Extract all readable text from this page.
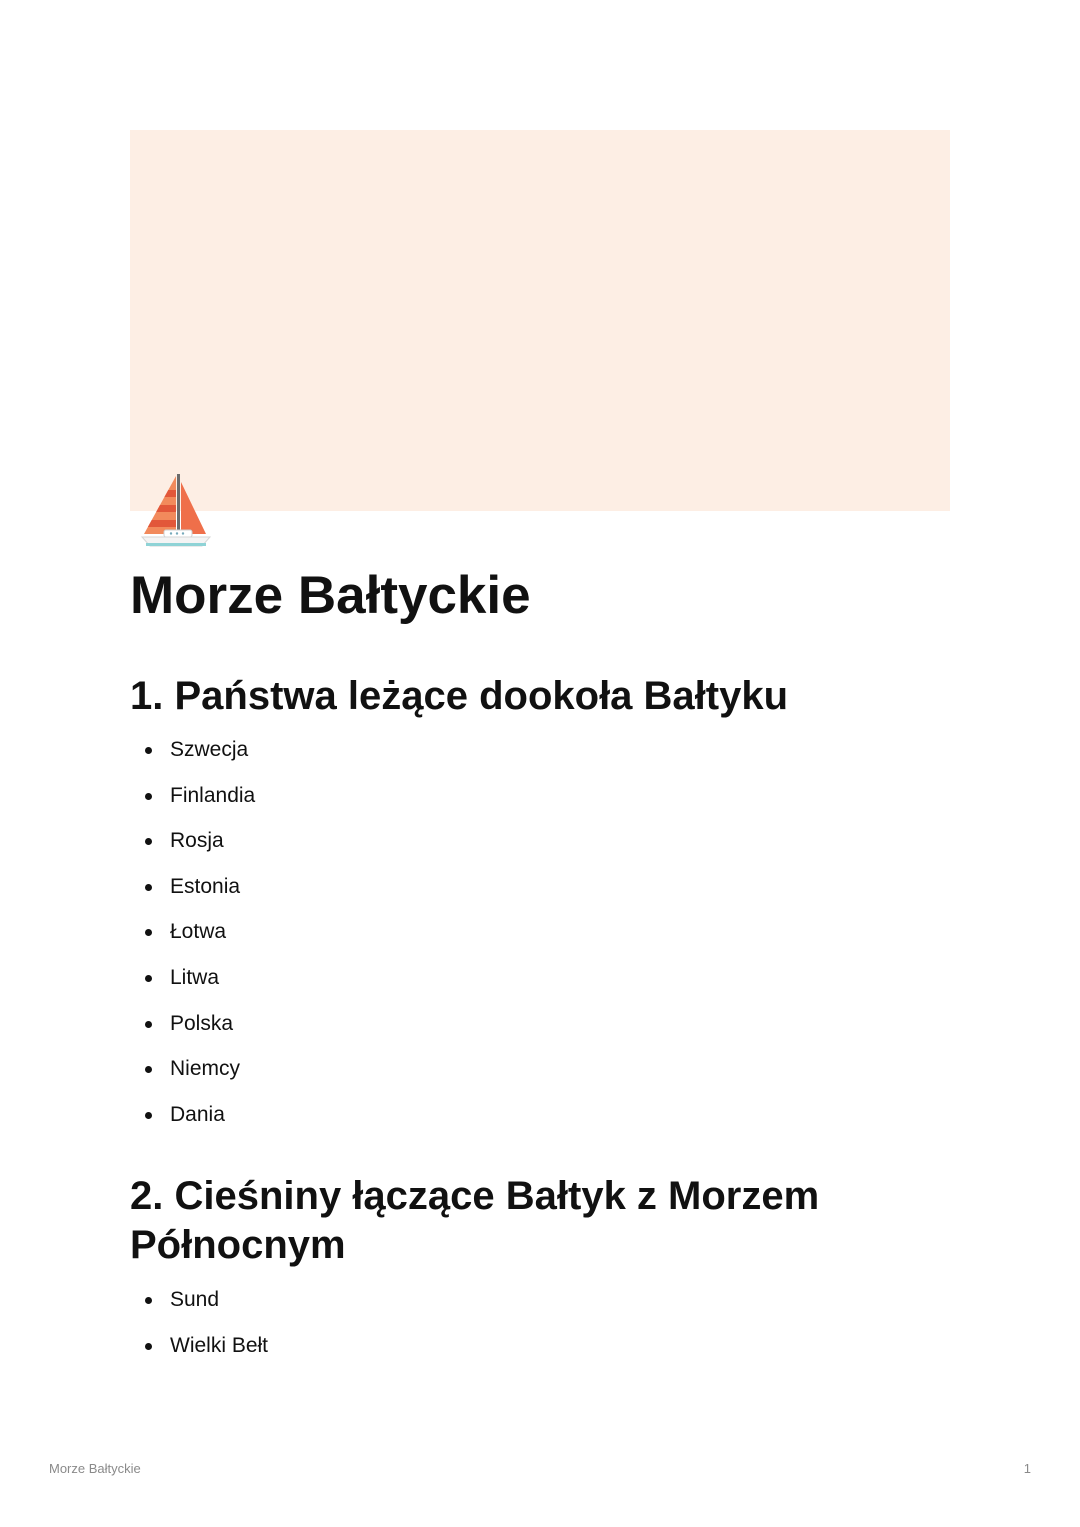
Morze Bałtyckie
1. Państwa leżące dookoła Bałtyku
Szwecja
Finlandia
Rosja
Estonia
Łotwa
Litwa
Polska
Niemcy
Dania
2. Cieśniny łączące Bałtyk z Morzem Północnym
Sund
Wielki Bełt
Morze Bałtyckie	1
